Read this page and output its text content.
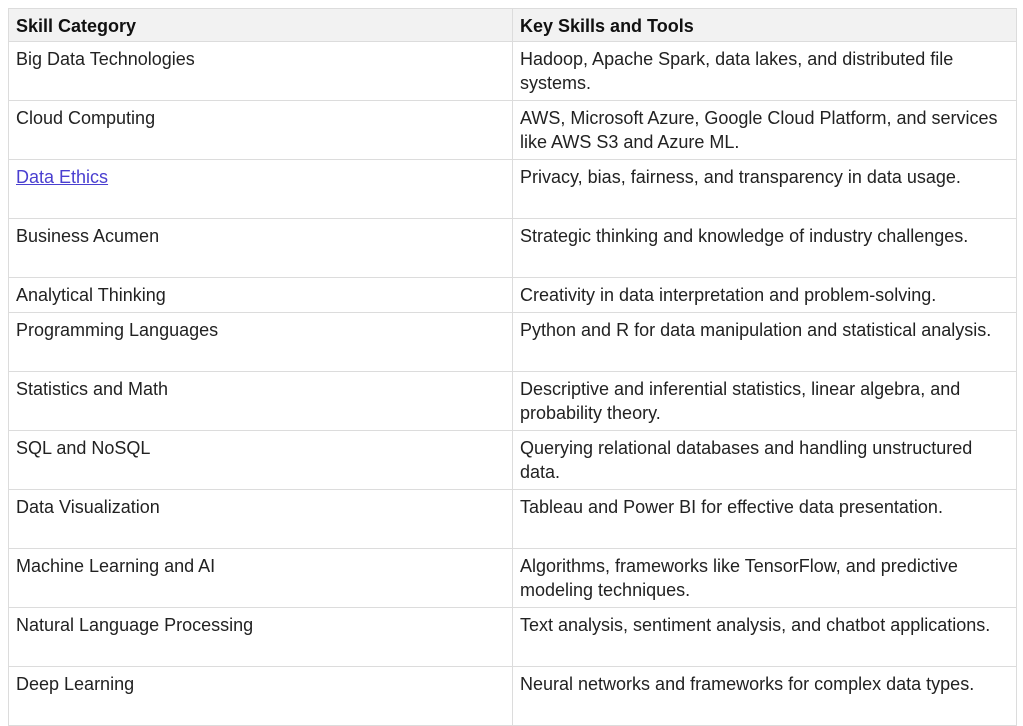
Skill Category	Key Skills and Tools
Big Data Technologies	Hadoop, Apache Spark, data lakes, and distributed file systems.
Cloud Computing	AWS, Microsoft Azure, Google Cloud Platform, and services like AWS S3 and Azure ML.
Data Ethics	Privacy, bias, fairness, and transparency in data usage.
Business Acumen	Strategic thinking and knowledge of industry challenges.
Analytical Thinking	Creativity in data interpretation and problem-solving.
Programming Languages	Python and R for data manipulation and statistical analysis.
Statistics and Math	Descriptive and inferential statistics, linear algebra, and probability theory.
SQL and NoSQL	Querying relational databases and handling unstructured data.
Data Visualization	Tableau and Power BI for effective data presentation.
Machine Learning and AI	Algorithms, frameworks like TensorFlow, and predictive modeling techniques.
Natural Language Processing	Text analysis, sentiment analysis, and chatbot applications.
Deep Learning	Neural networks and frameworks for complex data types.
